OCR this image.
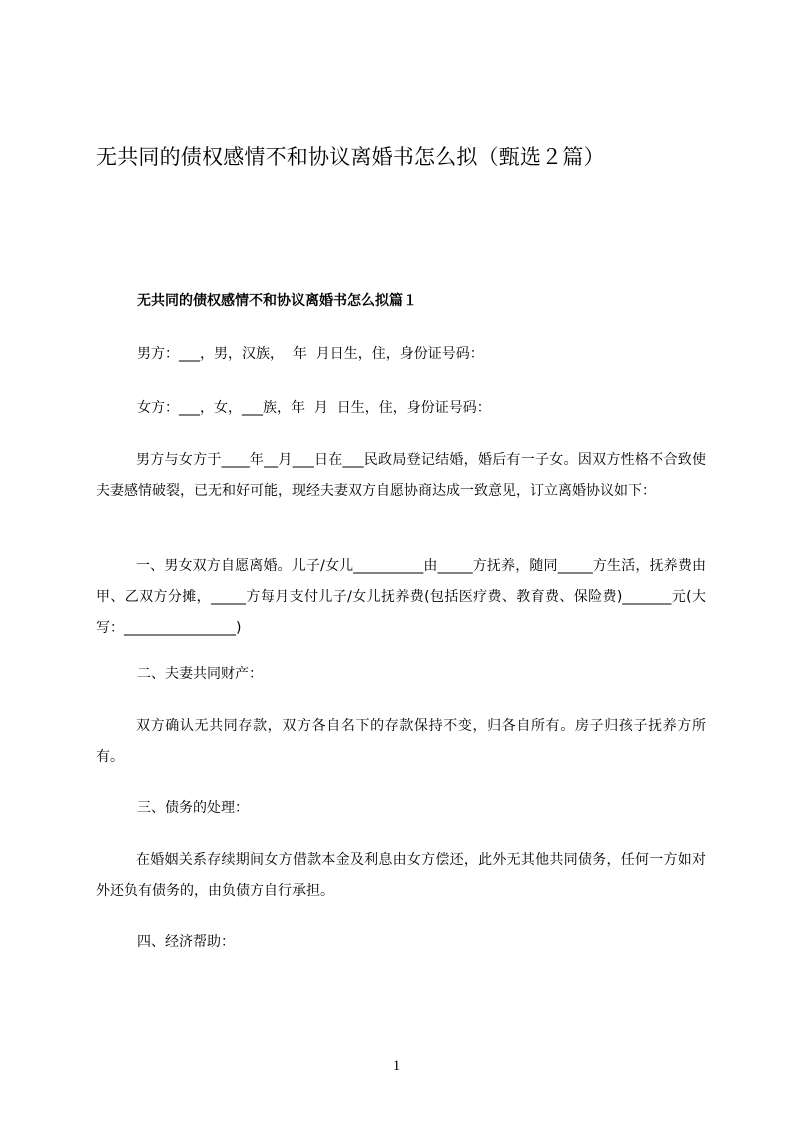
无共同的债权感情不和协议离婚书怎么拟（甄选２篇）
无共同的债权感情不和协议离婚书怎么拟篇１
男方：___，男，汉族，  年  月日生，住，身份证号码：
女方：___，女，___族，年  月  日生，住，身份证号码：
男方与女方于____年__月___日在___民政局登记结婚，婚后有一子女。因双方性格不合致使夫妻感情破裂，已无和好可能，现经夫妻双方自愿协商达成一致意见，订立离婚协议如下：
一、男女双方自愿离婚。儿子/女儿__________由_____方抚养，随同_____方生活，抚养费由甲、乙双方分摊，_____方每月支付儿子/女儿抚养费(包括医疗费、教育费、保险费)_______元(大写：________________)
二、夫妻共同财产：
双方确认无共同存款，双方各自名下的存款保持不变，归各自所有。房子归孩子抚养方所有。
三、债务的处理：
在婚姻关系存续期间女方借款本金及利息由女方偿还，此外无其他共同债务，任何一方如对外还负有债务的，由负债方自行承担。
四、经济帮助：
1
